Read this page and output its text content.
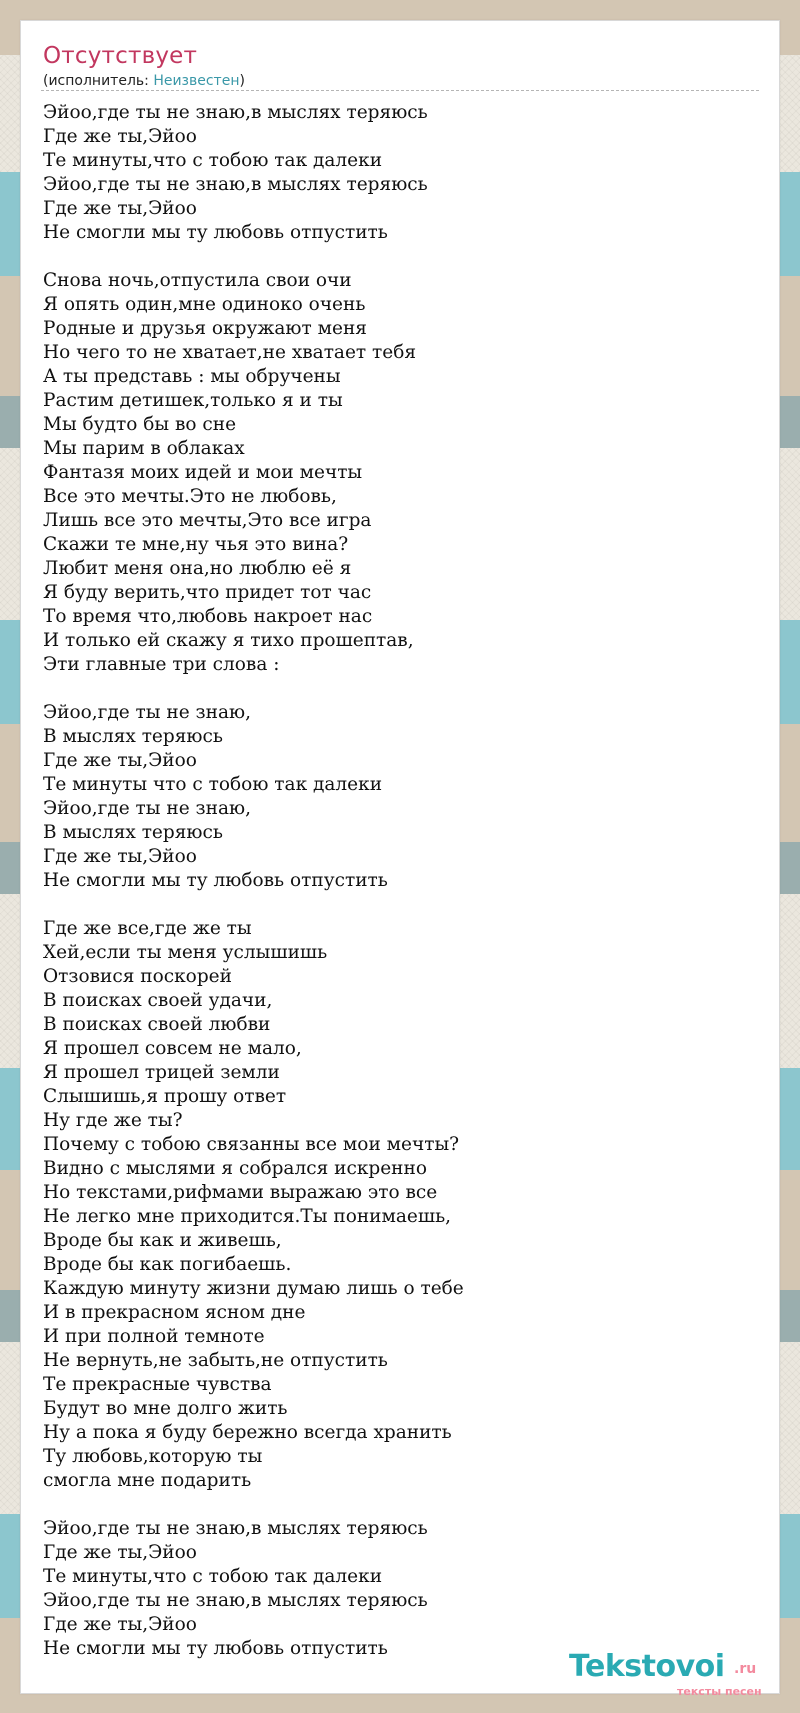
Отсутствует
(исполнитель: Неизвестен)
Эйоо,где ты не знаю,в мыслях теряюсь
Где же ты,Эйоо
Те минуты,что с тобою так далеки
Эйоо,где ты не знаю,в мыслях теряюсь
Где же ты,Эйоо
Не смогли мы ту любовь отпустить
Снова ночь,отпустила свои очи
Я опять один,мне одиноко очень
Родные и друзья окружают меня
Но чего то не хватает,не хватает тебя
А ты представь : мы обручены
Растим детишек,только я и ты
Мы будто бы во сне
Мы парим в облаках
Фантазя моих идей и мои мечты
Все это мечты.Это не любовь,
Лишь все это мечты,Это все игра
Скажи те мне,ну чья это вина?
Любит меня она,но люблю её я
Я буду верить,что придет тот час
То время что,любовь накроет нас
И только ей скажу я тихо прошептав,
Эти главные три слова :
Эйоо,где ты не знаю,
В мыслях теряюсь
Где же ты,Эйоо
Те минуты что с тобою так далеки
Эйоо,где ты не знаю,
В мыслях теряюсь
Где же ты,Эйоо
Не смогли мы ту любовь отпустить
Где же все,где же ты
Хей,если ты меня услышишь
Отзовися поскорей
В поисках своей удачи,
В поисках своей любви
Я прошел совсем не мало,
Я прошел трицей земли
Слышишь,я прошу ответ
Ну где же ты?
Почему с тобою связанны все мои мечты?
Видно с мыслями я собрался искренно
Но текстами,рифмами выражаю это все
Не легко мне приходится.Ты понимаешь,
Вроде бы как и живешь,
Вроде бы как погибаешь.
Каждую минуту жизни думаю лишь о тебе
И в прекрасном ясном дне
И при полной темноте
Не вернуть,не забыть,не отпустить
Те прекрасные чувства
Будут во мне долго жить
Ну а пока я буду бережно всегда хранить
Ту любовь,которую ты
смогла мне подарить
Эйоо,где ты не знаю,в мыслях теряюсь
Где же ты,Эйоо
Те минуты,что с тобою так далеки
Эйоо,где ты не знаю,в мыслях теряюсь
Где же ты,Эйоо
Не смогли мы ту любовь отпустить
Tekstovoi .ru
тексты песен
